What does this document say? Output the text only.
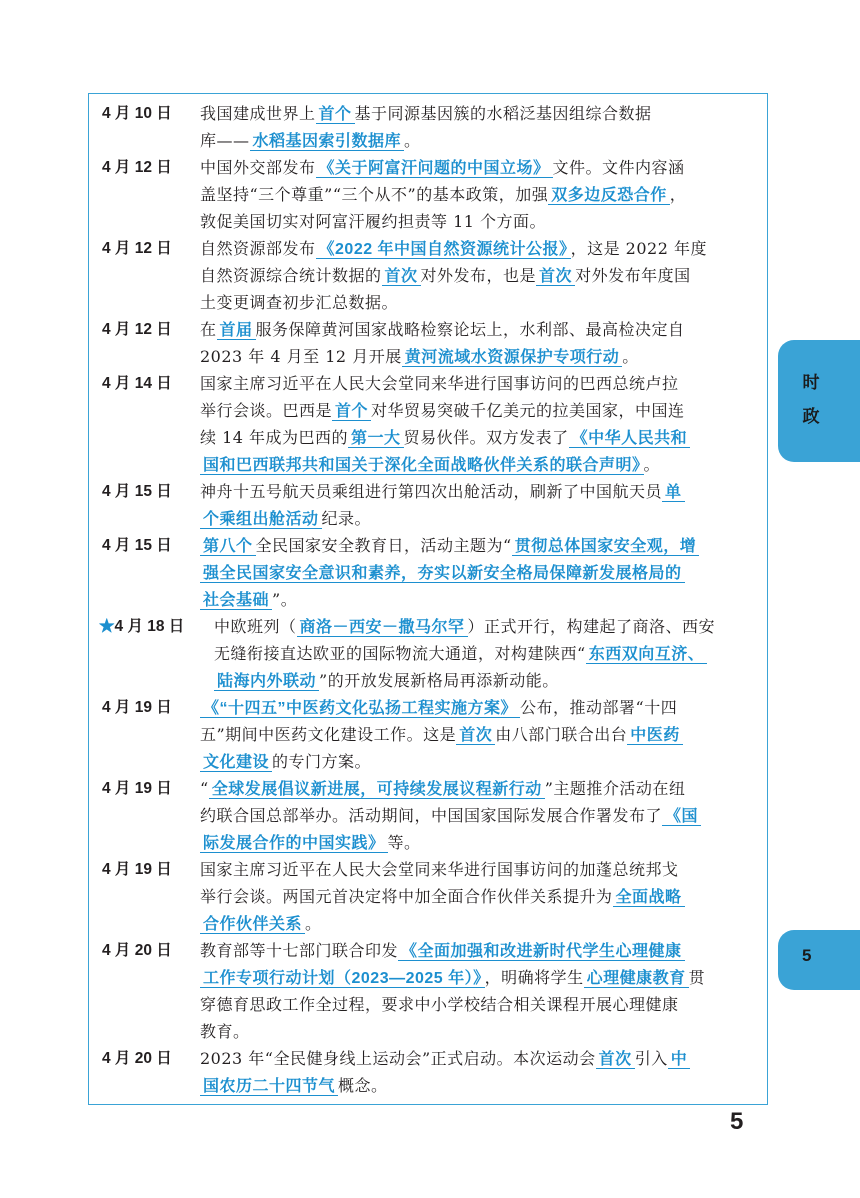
4 月 10 日 我国建成世界上 首个 基于同源基因簇的水稻泛基因组综合数据
库—— 水稻基因索引数据库 。
4 月 12 日 中国外交部发布 《关于阿富汗问题的中国立场》 文件。文件内容涵
盖坚持“三个尊重”“三个从不”的基本政策，加强 双多边反恐合作 ，
敦促美国切实对阿富汗履约担责等 11 个方面。
4 月 12 日 自然资源部发布 《2022 年中国自然资源统计公报》 ，这是 2022 年度
自然资源综合统计数据的 首次 对外发布，也是 首次 对外发布年度国
土变更调查初步汇总数据。
4 月 12 日 在 首届 服务保障黄河国家战略检察论坛上，水利部、最高检决定自
2023 年 4 月至 12 月开展 黄河流域水资源保护专项行动 。
4 月 14 日 国家主席习近平在人民大会堂同来华进行国事访问的巴西总统卢拉
举行会谈。巴西是 首个 对华贸易突破千亿美元的拉美国家，中国连
续 14 年成为巴西的 第一大 贸易伙伴。双方发表了 《中华人民共和
国和巴西联邦共和国关于深化全面战略伙伴关系的联合声明》 。
4 月 15 日 神舟十五号航天员乘组进行第四次出舱活动，刷新了中国航天员 单
个乘组出舱活动 纪录。
4 月 15 日 第八个 全民国家安全教育日，活动主题为“ 贯彻总体国家安全观，增
强全民国家安全意识和素养，夯实以新安全格局保障新发展格局的
社会基础 ”。
★4 月 18 日 中欧班列（ 商洛－西安－撒马尔罕 ）正式开行，构建起了商洛、西安
无缝衔接直达欧亚的国际物流大通道，对构建陕西“ 东西双向互济、
陆海内外联动 ”的开放发展新格局再添新动能。
4 月 19 日 《“十四五”中医药文化弘扬工程实施方案》 公布，推动部署“十四
五”期间中医药文化建设工作。这是 首次 由八部门联合出台 中医药
文化建设 的专门方案。
4 月 19 日 “ 全球发展倡议新进展，可持续发展议程新行动 ”主题推介活动在纽
约联合国总部举办。活动期间，中国国家国际发展合作署发布了 《国
际发展合作的中国实践》 等。
4 月 19 日 国家主席习近平在人民大会堂同来华进行国事访问的加蓬总统邦戈
举行会谈。两国元首决定将中加全面合作伙伴关系提升为 全面战略
合作伙伴关系 。
4 月 20 日 教育部等十七部门联合印发 《全面加强和改进新时代学生心理健康
工作专项行动计划（2023—2025 年）》 ，明确将学生 心理健康教育 贯
穿德育思政工作全过程，要求中小学校结合相关课程开展心理健康
教育。
4 月 20 日 2023 年“全民健身线上运动会”正式启动。本次运动会 首次 引入 中
国农历二十四节气 概念。
时
政
5
5
